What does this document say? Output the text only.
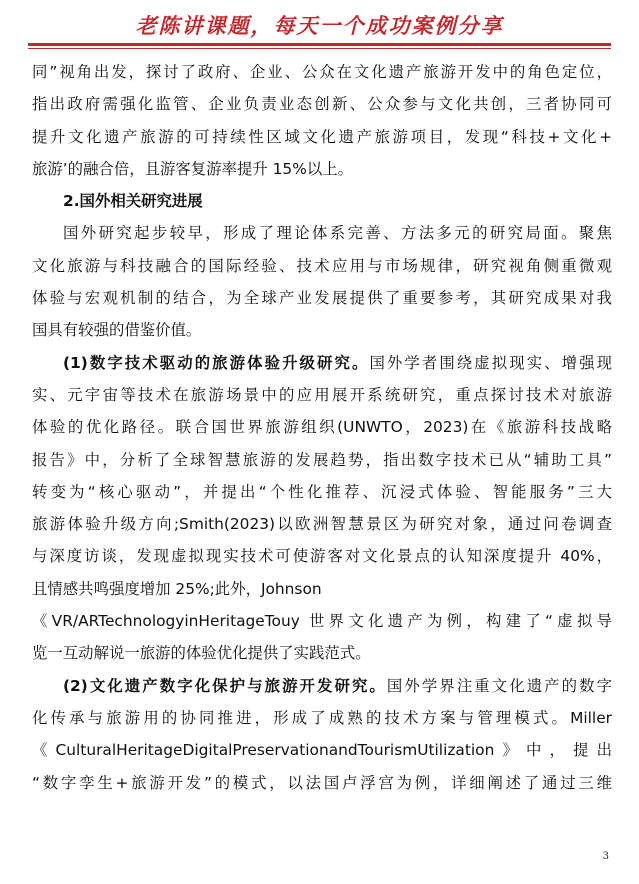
老陈讲课题，每天一个成功案例分享
同”视角出发，探讨了政府、企业、公众在文化遗产旅游开发中的角色定位，
指出政府需强化监管、企业负责业态创新、公众参与文化共创，三者协同可
提升文化遗产旅游的可持续性区域文化遗产旅游项目，发现“科技+文化+
旅游’的融合倍，且游客复游率提升 15%以上。
2.国外相关研究进展
国外研究起步较早，形成了理论体系完善、方法多元的研究局面。聚焦
文化旅游与科技融合的国际经验、技术应用与市场规律，研究视角侧重微观
体验与宏观机制的结合，为全球产业发展提供了重要参考，其研究成果对我
国具有较强的借鉴价值。
(1)数字技术驱动的旅游体验升级研究。国外学者围绕虚拟现实、增强现
实、元宇宙等技术在旅游场景中的应用展开系统研究，重点探讨技术对旅游
体验的优化路径。联合国世界旅游组织(UNWTO，2023)在《旅游科技战略
报告》中，分析了全球智慧旅游的发展趋势，指出数字技术已从“辅助工具”
转变为“核心驱动”，并提出“个性化推荐、沉浸式体验、智能服务”三大
旅游体验升级方向;Smith(2023)以欧洲智慧景区为研究对象，通过问卷调查
与深度访谈，发现虚拟现实技术可使游客对文化景点的认知深度提升 40%，
且情感共鸣强度增加 25%;此外，Johnson
《VR/ARTechnologyinHeritageTouy 世界文化遗产为例，构建了“虚拟导
览一互动解说一旅游的体验优化提供了实践范式。
(2)文化遗产数字化保护与旅游开发研究。国外学界注重文化遗产的数字
化传承与旅游用的协同推进，形成了成熟的技术方案与管理模式。Miller
《CulturalHeritageDigitalPreservationandTourismUtilization》中，提出
“数字孪生+旅游开发”的模式，以法国卢浮宫为例，详细阐述了通过三维
3
